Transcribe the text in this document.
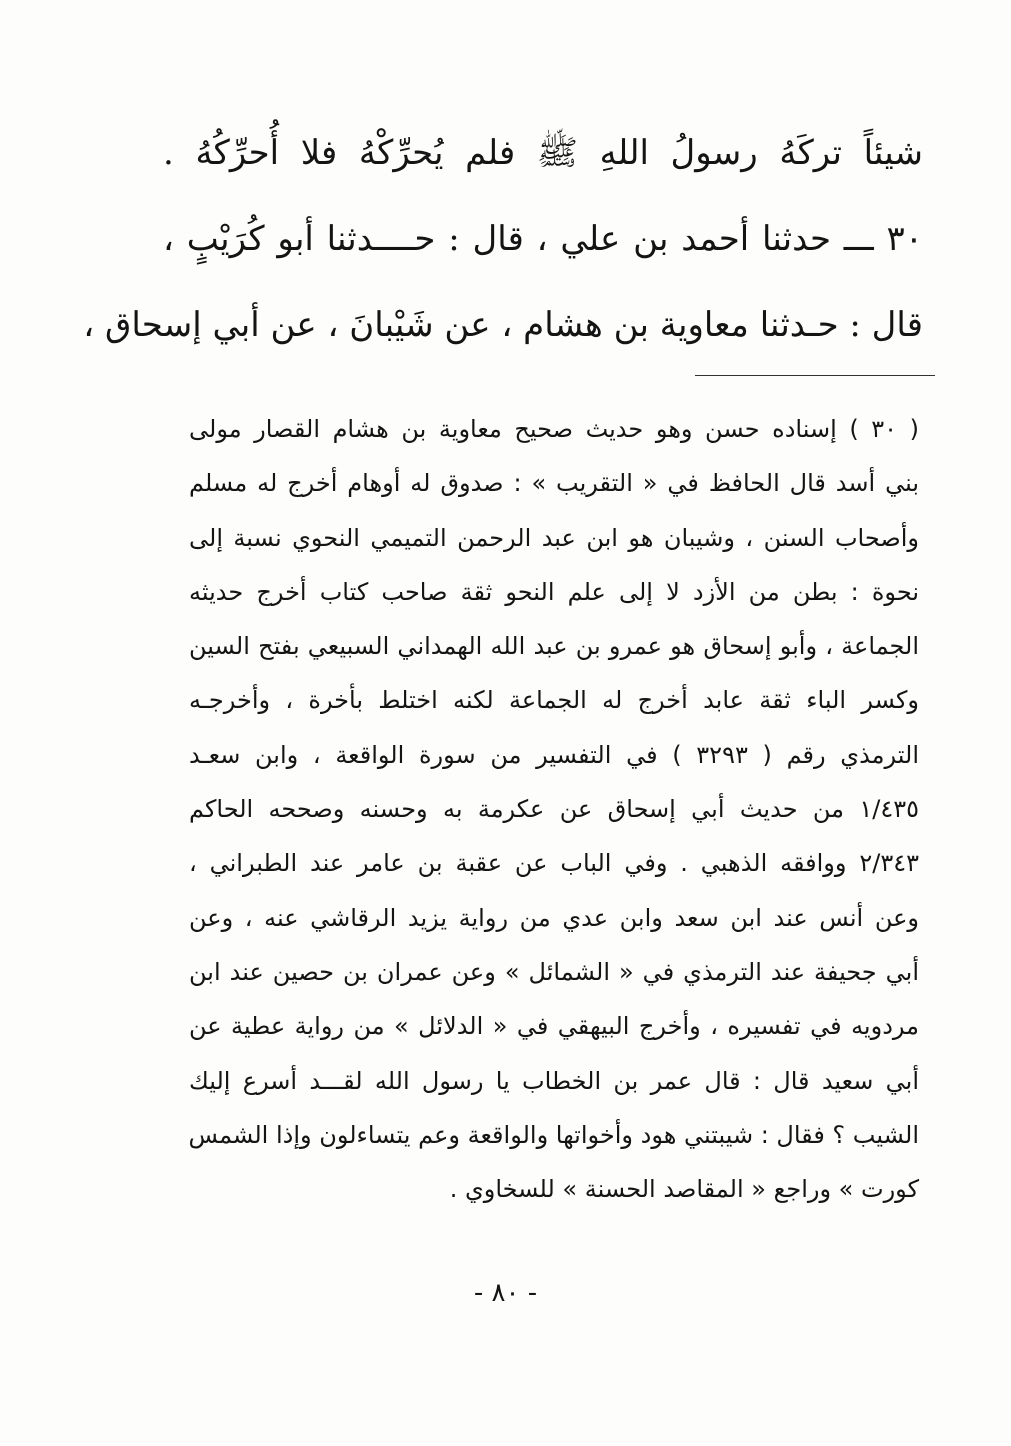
شيئاً تركَهُ رسولُ اللهِ ﷺ فلم يُحرِّكْهُ فلا أُحرِّكُهُ .
٣٠ ـــ حدثنا أحمد بن علي ، قال : حــــدثنا أبو كُرَيْبٍ ،
قال : حـدثنا معاوية بن هشام ، عن شَيْبانَ ، عن أبي إسحاق ،
( ٣٠ ) إسناده حسن وهو حديث صحيح معاوية بن هشام القصار مولى
بني أسد قال الحافظ في « التقريب » : صدوق له أوهام أخرج له مسلم
وأصحاب السنن ، وشيبان هو ابن عبد الرحمن التميمي النحوي نسبة إلى
نحوة : بطن من الأزد لا إلى علم النحو ثقة صاحب كتاب أخرج حديثه
الجماعة ، وأبو إسحاق هو عمرو بن عبد الله الهمداني السبيعي بفتح السين
وكسر الباء ثقة عابد أخرج له الجماعة لكنه اختلط بأخرة ، وأخرجـه
الترمذي رقم ( ٣٢٩٣ ) في التفسير من سورة الواقعة ، وابن سعـد
١/٤٣٥ من حديث أبي إسحاق عن عكرمة به وحسنه وصححه الحاكم
٢/٣٤٣ ووافقه الذهبي . وفي الباب عن عقبة بن عامر عند الطبراني ،
وعن أنس عند ابن سعد وابن عدي من رواية يزيد الرقاشي عنه ، وعن
أبي جحيفة عند الترمذي في « الشمائل » وعن عمران بن حصين عند ابن
مردويه في تفسيره ، وأخرج البيهقي في « الدلائل » من رواية عطية عن
أبي سعيد قال : قال عمر بن الخطاب يا رسول الله لقـــد أسرع إليك
الشيب ؟ فقال : شيبتني هود وأخواتها والواقعة وعم يتساءلون وإذا الشمس
كورت » وراجع « المقاصد الحسنة » للسخاوي .
- ٨٠ -
